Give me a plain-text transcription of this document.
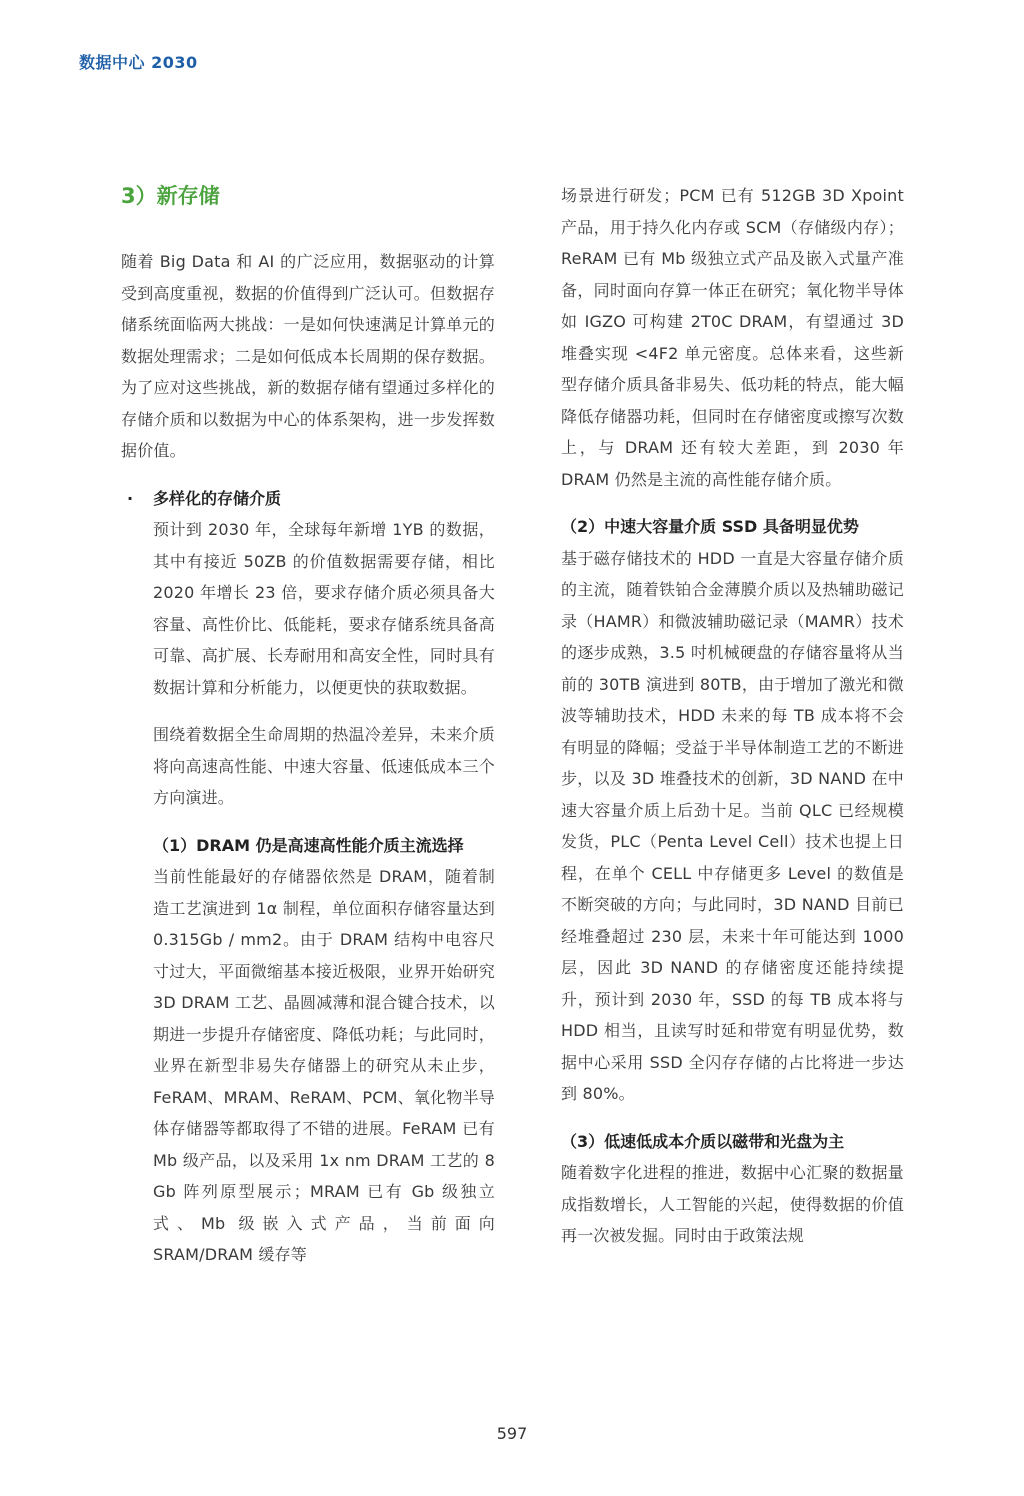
数据中心 2030
3）新存储

随着 Big Data 和 AI 的广泛应用，数据驱动的计算受到高度重视，数据的价值得到广泛认可。但数据存储系统面临两大挑战：一是如何快速满足计算单元的数据处理需求；二是如何低成本长周期的保存数据。为了应对这些挑战，新的数据存储有望通过多样化的存储介质和以数据为中心的体系架构，进一步发挥数据价值。

· 多样化的存储介质

预计到 2030 年，全球每年新增 1YB 的数据，其中有接近 50ZB 的价值数据需要存储，相比 2020 年增长 23 倍，要求存储介质必须具备大容量、高性价比、低能耗，要求存储系统具备高可靠、高扩展、长寿耐用和高安全性，同时具有数据计算和分析能力，以便更快的获取数据。

围绕着数据全生命周期的热温冷差异，未来介质将向高速高性能、中速大容量、低速低成本三个方向演进。

（1）DRAM 仍是高速高性能介质主流选择

当前性能最好的存储器依然是 DRAM，随着制造工艺演进到 1α 制程，单位面积存储容量达到 0.315Gb / mm2。由于 DRAM 结构中电容尺寸过大，平面微缩基本接近极限，业界开始研究 3D DRAM 工艺、晶圆减薄和混合键合技术，以期进一步提升存储密度、降低功耗；与此同时，业界在新型非易失存储器上的研究从未止步，FeRAM、MRAM、ReRAM、PCM、氧化物半导体存储器等都取得了不错的进展。FeRAM 已有 Mb 级产品，以及采用 1x nm DRAM 工艺的 8 Gb 阵列原型展示；MRAM 已有 Gb 级独立式、Mb 级嵌入式产品，当前面向 SRAM/DRAM 缓存等

场景进行研发；PCM 已有 512GB 3D Xpoint 产品，用于持久化内存或 SCM（存储级内存）；ReRAM 已有 Mb 级独立式产品及嵌入式量产准备，同时面向存算一体正在研究；氧化物半导体如 IGZO 可构建 2T0C DRAM，有望通过 3D 堆叠实现 <4F2 单元密度。总体来看，这些新型存储介质具备非易失、低功耗的特点，能大幅降低存储器功耗，但同时在存储密度或擦写次数上，与 DRAM 还有较大差距，到 2030 年 DRAM 仍然是主流的高性能存储介质。

（2）中速大容量介质 SSD 具备明显优势

基于磁存储技术的 HDD 一直是大容量存储介质的主流，随着铁铂合金薄膜介质以及热辅助磁记录（HAMR）和微波辅助磁记录（MAMR）技术的逐步成熟，3.5 吋机械硬盘的存储容量将从当前的 30TB 演进到 80TB，由于增加了激光和微波等辅助技术，HDD 未来的每 TB 成本将不会有明显的降幅；受益于半导体制造工艺的不断进步，以及 3D 堆叠技术的创新，3D NAND 在中速大容量介质上后劲十足。当前 QLC 已经规模发货，PLC（Penta Level Cell）技术也提上日程，在单个 CELL 中存储更多 Level 的数值是不断突破的方向；与此同时，3D NAND 目前已经堆叠超过 230 层，未来十年可能达到 1000 层，因此 3D NAND 的存储密度还能持续提升，预计到 2030 年，SSD 的每 TB 成本将与 HDD 相当，且读写时延和带宽有明显优势，数据中心采用 SSD 全闪存存储的占比将进一步达到 80%。

（3）低速低成本介质以磁带和光盘为主

随着数字化进程的推进，数据中心汇聚的数据量成指数增长，人工智能的兴起，使得数据的价值再一次被发掘。同时由于政策法规

597
